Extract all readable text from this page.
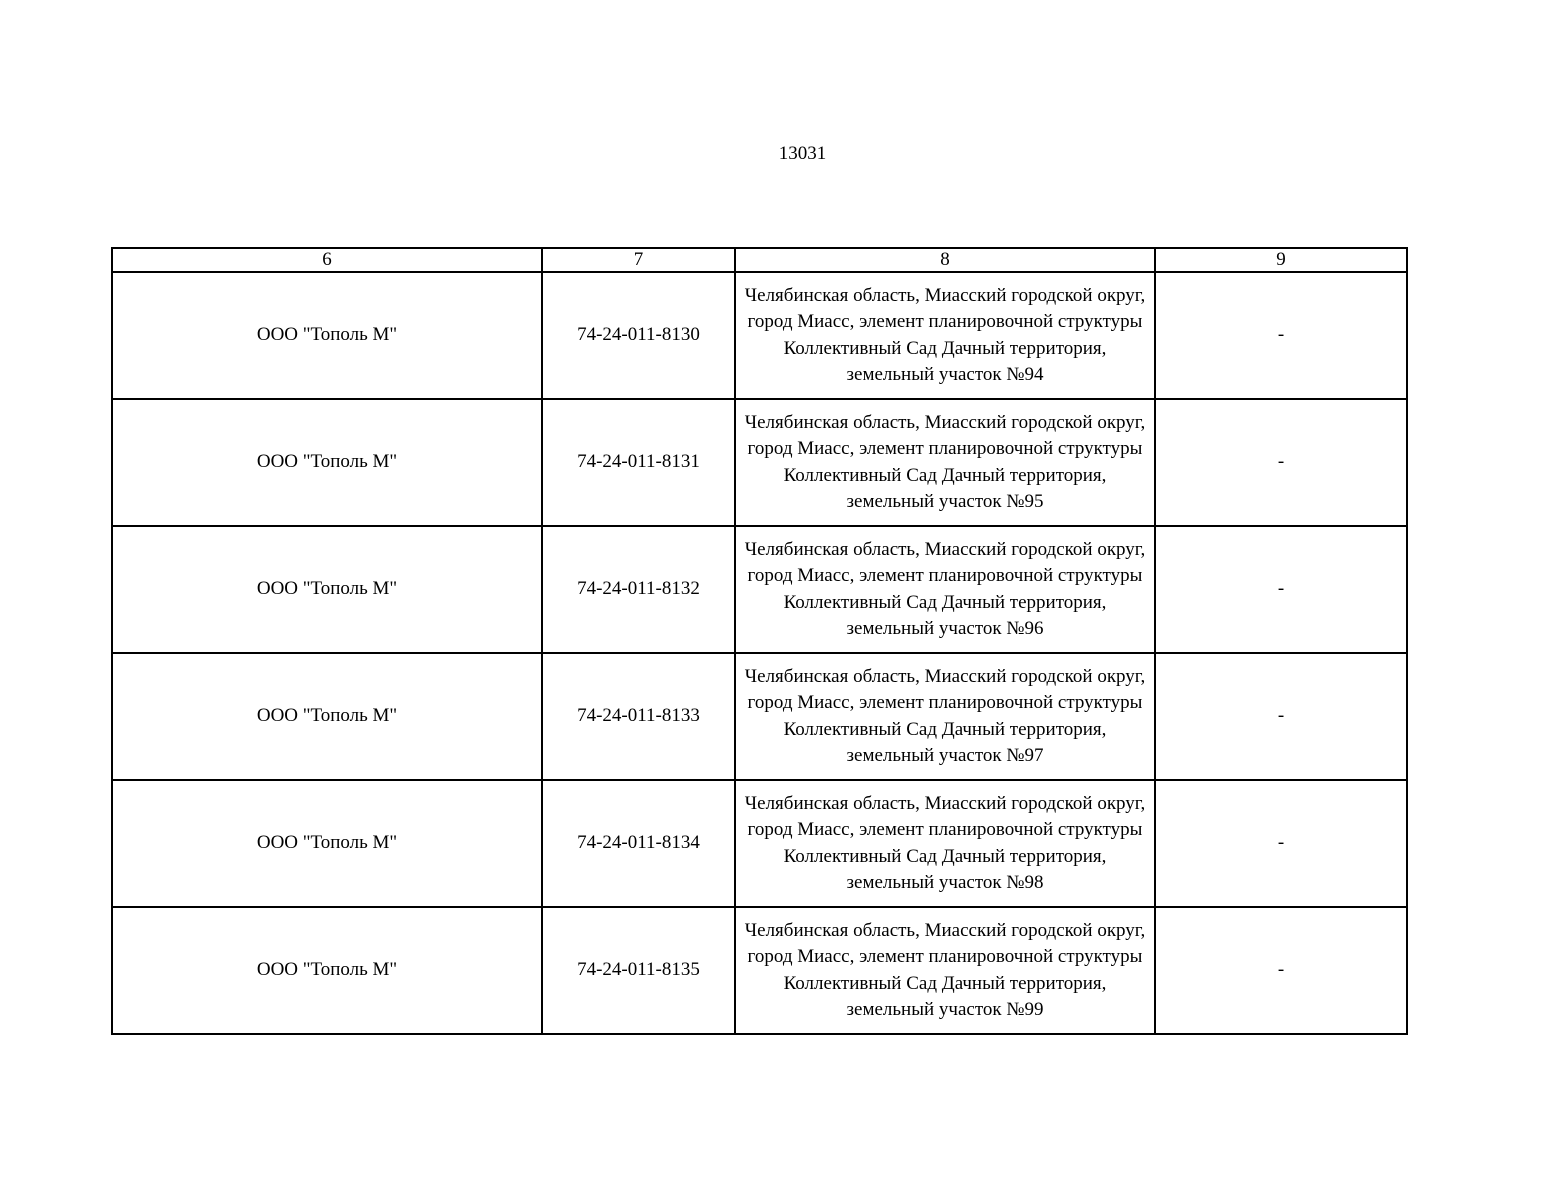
13031
6	7	8	9
ООО "Тополь М"	74-24-011-8130	Челябинская область, Миасский городской округ, город Миасс, элемент планировочной структуры Коллективный Сад Дачный территория, земельный участок №94	-
ООО "Тополь М"	74-24-011-8131	Челябинская область, Миасский городской округ, город Миасс, элемент планировочной структуры Коллективный Сад Дачный территория, земельный участок №95	-
ООО "Тополь М"	74-24-011-8132	Челябинская область, Миасский городской округ, город Миасс, элемент планировочной структуры Коллективный Сад Дачный территория, земельный участок №96	-
ООО "Тополь М"	74-24-011-8133	Челябинская область, Миасский городской округ, город Миасс, элемент планировочной структуры Коллективный Сад Дачный территория, земельный участок №97	-
ООО "Тополь М"	74-24-011-8134	Челябинская область, Миасский городской округ, город Миасс, элемент планировочной структуры Коллективный Сад Дачный территория, земельный участок №98	-
ООО "Тополь М"	74-24-011-8135	Челябинская область, Миасский городской округ, город Миасс, элемент планировочной структуры Коллективный Сад Дачный территория, земельный участок №99	-
